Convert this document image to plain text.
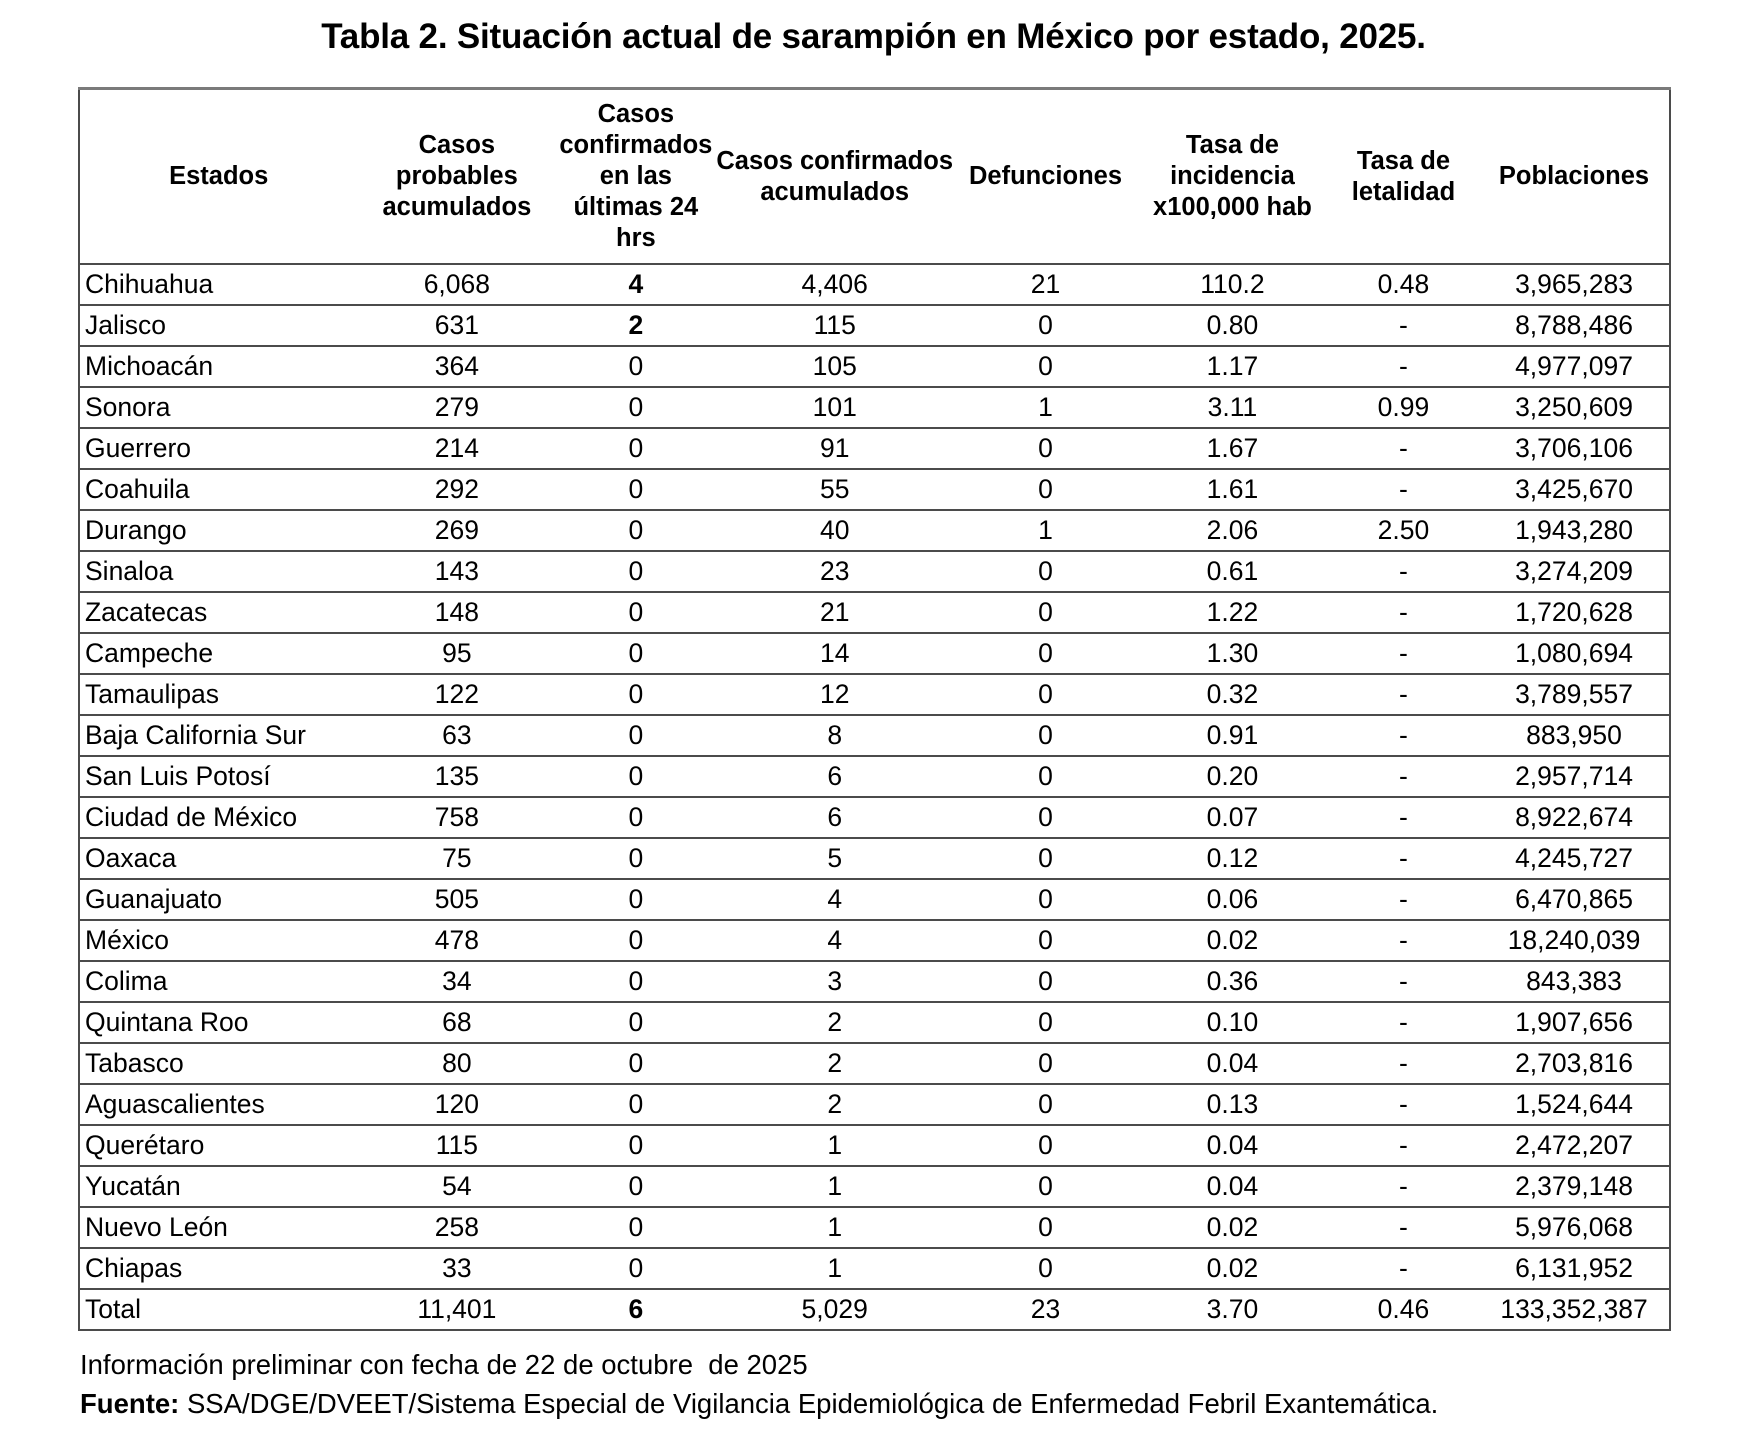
Tabla 2. Situación actual de sarampión en México por estado, 2025.
Estados	Casos probables acumulados	Casos confirmados en las últimas 24 hrs	Casos confirmados acumulados	Defunciones	Tasa de incidencia x100,000 hab	Tasa de letalidad	Poblaciones
Chihuahua	6,068	4	4,406	21	110.2	0.48	3,965,283
Jalisco	631	2	115	0	0.80	-	8,788,486
Michoacán	364	0	105	0	1.17	-	4,977,097
Sonora	279	0	101	1	3.11	0.99	3,250,609
Guerrero	214	0	91	0	1.67	-	3,706,106
Coahuila	292	0	55	0	1.61	-	3,425,670
Durango	269	0	40	1	2.06	2.50	1,943,280
Sinaloa	143	0	23	0	0.61	-	3,274,209
Zacatecas	148	0	21	0	1.22	-	1,720,628
Campeche	95	0	14	0	1.30	-	1,080,694
Tamaulipas	122	0	12	0	0.32	-	3,789,557
Baja California Sur	63	0	8	0	0.91	-	883,950
San Luis Potosí	135	0	6	0	0.20	-	2,957,714
Ciudad de México	758	0	6	0	0.07	-	8,922,674
Oaxaca	75	0	5	0	0.12	-	4,245,727
Guanajuato	505	0	4	0	0.06	-	6,470,865
México	478	0	4	0	0.02	-	18,240,039
Colima	34	0	3	0	0.36	-	843,383
Quintana Roo	68	0	2	0	0.10	-	1,907,656
Tabasco	80	0	2	0	0.04	-	2,703,816
Aguascalientes	120	0	2	0	0.13	-	1,524,644
Querétaro	115	0	1	0	0.04	-	2,472,207
Yucatán	54	0	1	0	0.04	-	2,379,148
Nuevo León	258	0	1	0	0.02	-	5,976,068
Chiapas	33	0	1	0	0.02	-	6,131,952
Total	11,401	6	5,029	23	3.70	0.46	133,352,387
Información preliminar con fecha de 22 de octubre  de 2025
Fuente: SSA/DGE/DVEET/Sistema Especial de Vigilancia Epidemiológica de Enfermedad Febril Exantemática.
